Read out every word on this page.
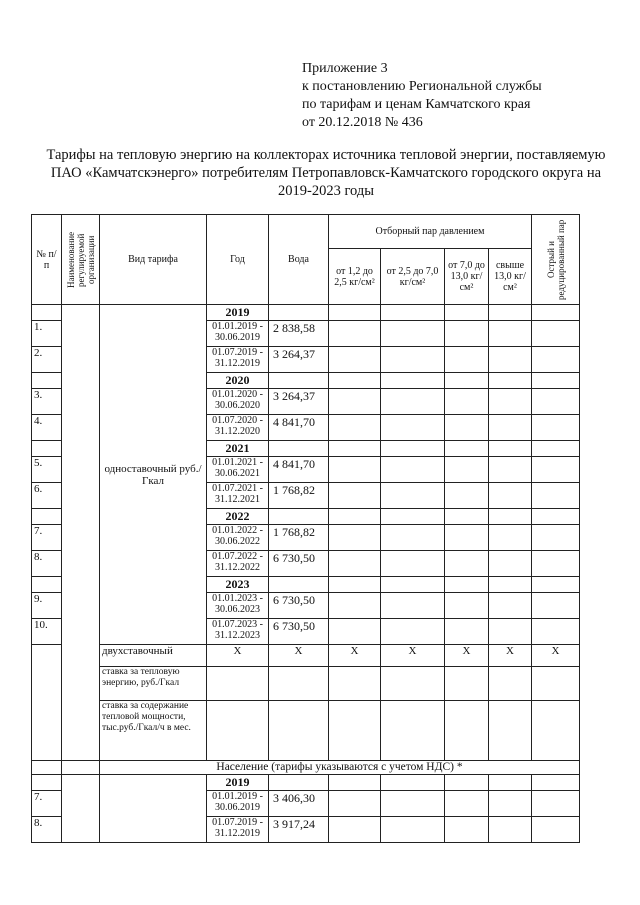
Приложение 3
к постановлению Региональной службы
по тарифам и ценам Камчатского края
от 20.12.2018 № 436
Тарифы на тепловую энергию на коллекторах источника тепловой энергии, поставляемую ПАО «Камчатскэнерго» потребителям Петропавловск-Камчатского городского округа на 2019-2023 годы
№ п/п	Наименование регулируемой организации	Вид тарифа	Год	Вода	Отборный пар давлением				Острый и редуцированный пар

					от 1,2 до 2,5 кг/см²	от 2,5 до 7,0 кг/см²	от 7,0 до 13,0 кг/см²	свыше 13,0 кг/см²	
		одноставочный руб./Гкал	2019						
1.			01.01.2019 - 30.06.2019	2 838,58					
2.			01.07.2019 - 31.12.2019	3 264,37					
			2020						
3.			01.01.2020 - 30.06.2020	3 264,37					
4.			01.07.2020 - 31.12.2020	4 841,70					
			2021						
5.			01.01.2021 - 30.06.2021	4 841,70					
6.			01.07.2021 - 31.12.2021	1 768,82					
			2022						
7.			01.01.2022 - 30.06.2022	1 768,82					
8.			01.07.2022 - 31.12.2022	6 730,50					
			2023						
9.			01.01.2023 - 30.06.2023	6 730,50					
10.			01.07.2023 - 31.12.2023	6 730,50					
		двухставочный	X	X	X	X	X	X	X
		ставка за тепловую энергию, руб./Гкал							
		ставка за содержание тепловой мощности, тыс.руб./Гкал/ч в мес.							
		Население (тарифы указываются с учетом НДС) *							
			2019						
7.			01.01.2019 - 30.06.2019	3 406,30					
8.			01.07.2019 - 31.12.2019	3 917,24					
